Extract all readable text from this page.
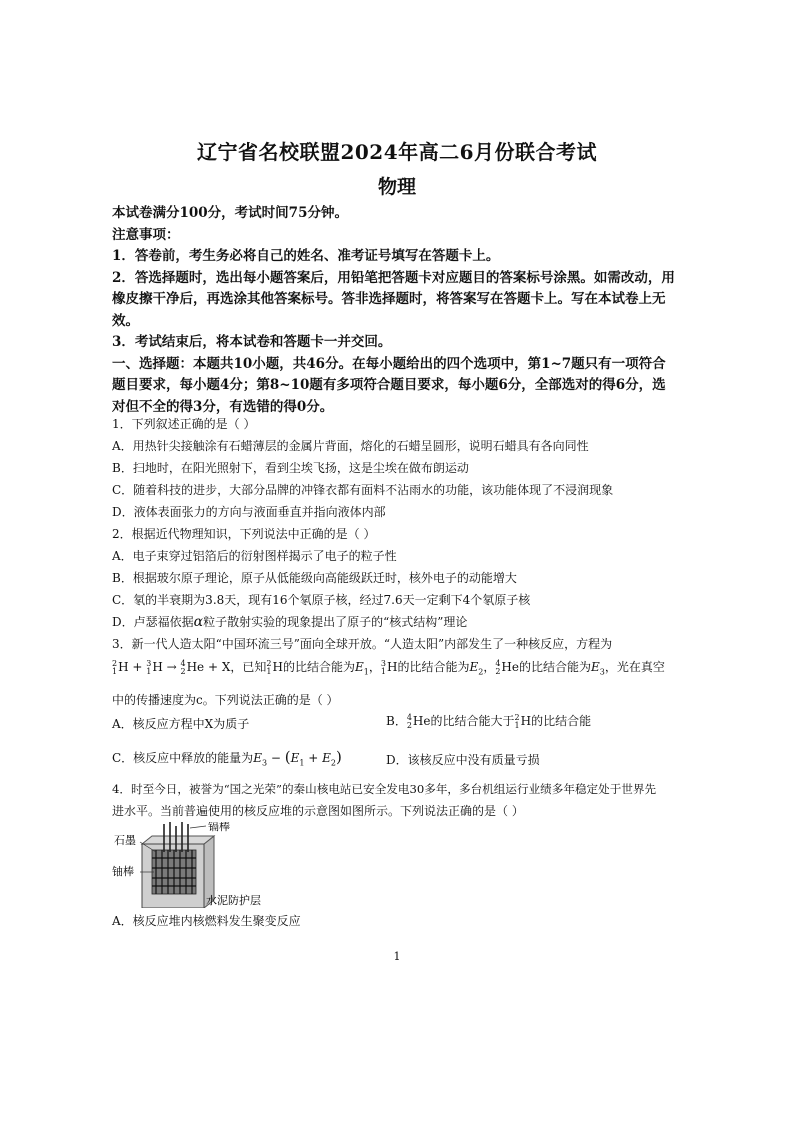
辽宁省名校联盟2024年高二6月份联合考试
物理
本试卷满分100分，考试时间75分钟。
注意事项：
1．答卷前，考生务必将自己的姓名、准考证号填写在答题卡上。
2．答选择题时，选出每小题答案后，用铅笔把答题卡对应题目的答案标号涂黑。如需改动，用
橡皮擦干净后，再选涂其他答案标号。答非选择题时，将答案写在答题卡上。写在本试卷上无
效。
3．考试结束后，将本试卷和答题卡一并交回。
一、选择题：本题共10小题，共46分。在每小题给出的四个选项中，第1~7题只有一项符合
题目要求，每小题4分；第8~10题有多项符合题目要求，每小题6分，全部选对的得6分，选
对但不全的得3分，有选错的得0分。
1．下列叙述正确的是（ ）
A．用热针尖接触涂有石蜡薄层的金属片背面，熔化的石蜡呈圆形，说明石蜡具有各向同性
B．扫地时，在阳光照射下，看到尘埃飞扬，这是尘埃在做布朗运动
C．随着科技的进步，大部分品牌的冲锋衣都有面料不沾雨水的功能，该功能体现了不浸润现象
D．液体表面张力的方向与液面垂直并指向液体内部
2．根据近代物理知识，下列说法中正确的是（ ）
A．电子束穿过铝箔后的衍射图样揭示了电子的粒子性
B．根据玻尔原子理论，原子从低能级向高能级跃迁时，核外电子的动能增大
C．氡的半衰期为3.8天，现有16个氡原子核，经过7.6天一定剩下4个氡原子核
D．卢瑟福依据α粒子散射实验的现象提出了原子的“核式结构”理论
3．新一代人造太阳“中国环流三号”面向全球开放。“人造太阳”内部发生了一种核反应，方程为
2
1 H + 3
1 H → 4
2 He + X，已知 2
1 H的比结合能为$E_1$， 3
1 H的比结合能为$E_2$， 4
2 He的比结合能为$E_3$，光在真空
中的传播速度为c。下列说法正确的是（ ）
A．核反应方程中X为质子	B． 4
2 He的比结合能大于 2
1 H的比结合能
C．核反应中释放的能量为$E_3 - (E_1 + E_2)$	D．该核反应中没有质量亏损
4．时至今日，被誉为“国之光荣”的秦山核电站已安全发电30多年，多台机组运行业绩多年稳定处于世界先
进水平。当前普遍使用的核反应堆的示意图如图所示。下列说法正确的是（ ）
石墨
镉棒
铀棒
水泥防护层
A．核反应堆内核燃料发生聚变反应
1
